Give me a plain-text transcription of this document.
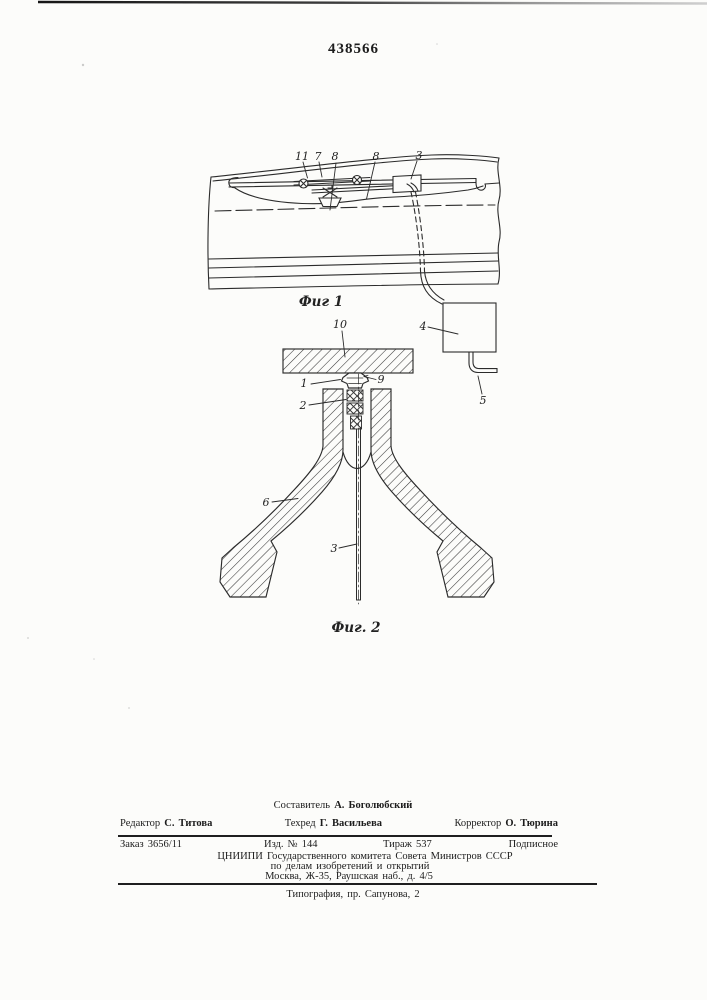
438566
11 7 8	8	3
4
5
Фиг 1
10
1	9
2
6
3
Фиг. 2
Составитель А. Боголюбский
Редактор С. Титова	Техред Г. Васильева	Корректор О. Тюрина
Заказ 3656/11	Изд. № 144	Тираж 537	Подписное
ЦНИИПИ Государственного комитета Совета Министров СССР
по делам изобретений и открытий
Москва, Ж-35, Раушская наб., д. 4/5
Типография, пр. Сапунова, 2
